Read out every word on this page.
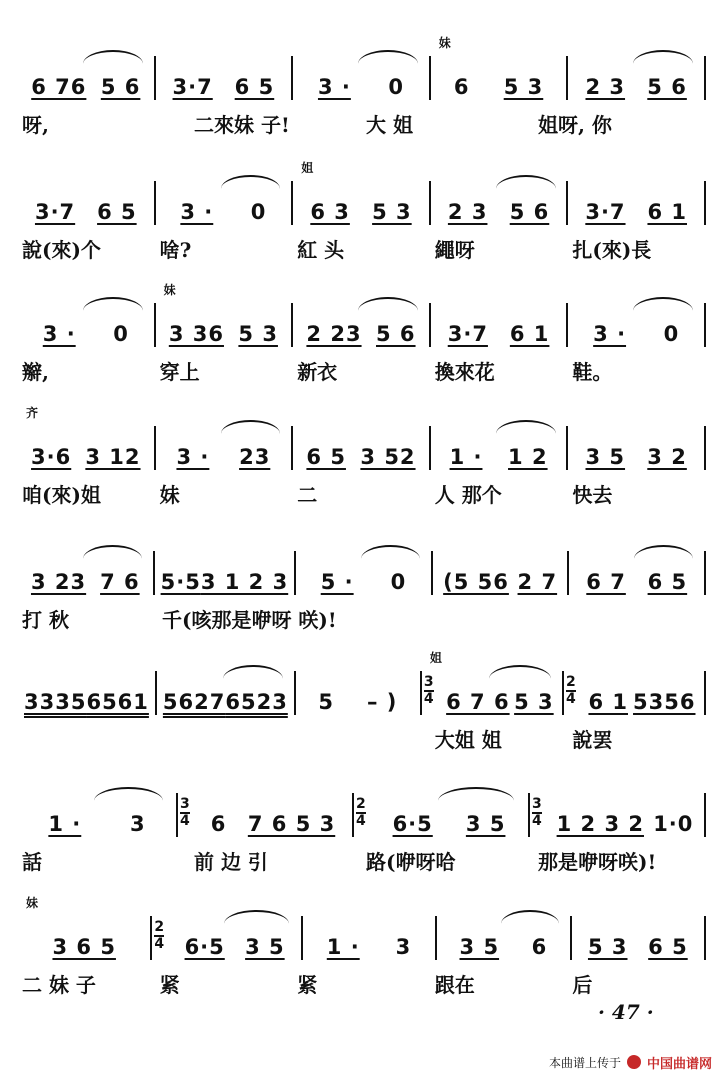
6 76 5 6 3·7 6 5 3 · 0
妹
6 5 3 2 3 5 6
呀,	二來妹 子!	大 姐	姐呀, 你
3·7 6 5 3 · 0
姐
6 3 5 3 2 3 5 6 3·7 6 1
說(來)个	啥?	紅 头	繩呀	扎(來)長
3 · 0
妹
3 36 5 3 2 23 5 6 3·7 6 1 3 · 0
辮,	穿上	新衣	換來花	鞋。
齐
3·6 3 12 3 · 23 6 5 3 52 1 · 1 2 3 5 3 2
咱(來)姐	妹	二	人 那个	快去
3 23 7 6 5·5 3 1 2 3 5 · 0 (5 56 2 7 6 7 6 5
打 秋	千(咳那是咿呀 咲)!
3335 6561 5627 6523 5 – )
3
4
姐
6 7 6 5 3
2
4 6 1 5356
大姐 姐	說罢
1 · 3
3
4 6 7 6 5 3
2
4 6·5 3 5
3
4 1 2 3 2 1·0
話	前 边 引	路(咿呀哈	那是咿呀咲)!
妹
3 6 5
2
4 6·5 3 5 1 · 3 3 5 6 5 3 6 5
二 妹 子	紧	紧	跟在	后
· 47 ·
本曲谱上传于 中国曲谱网
